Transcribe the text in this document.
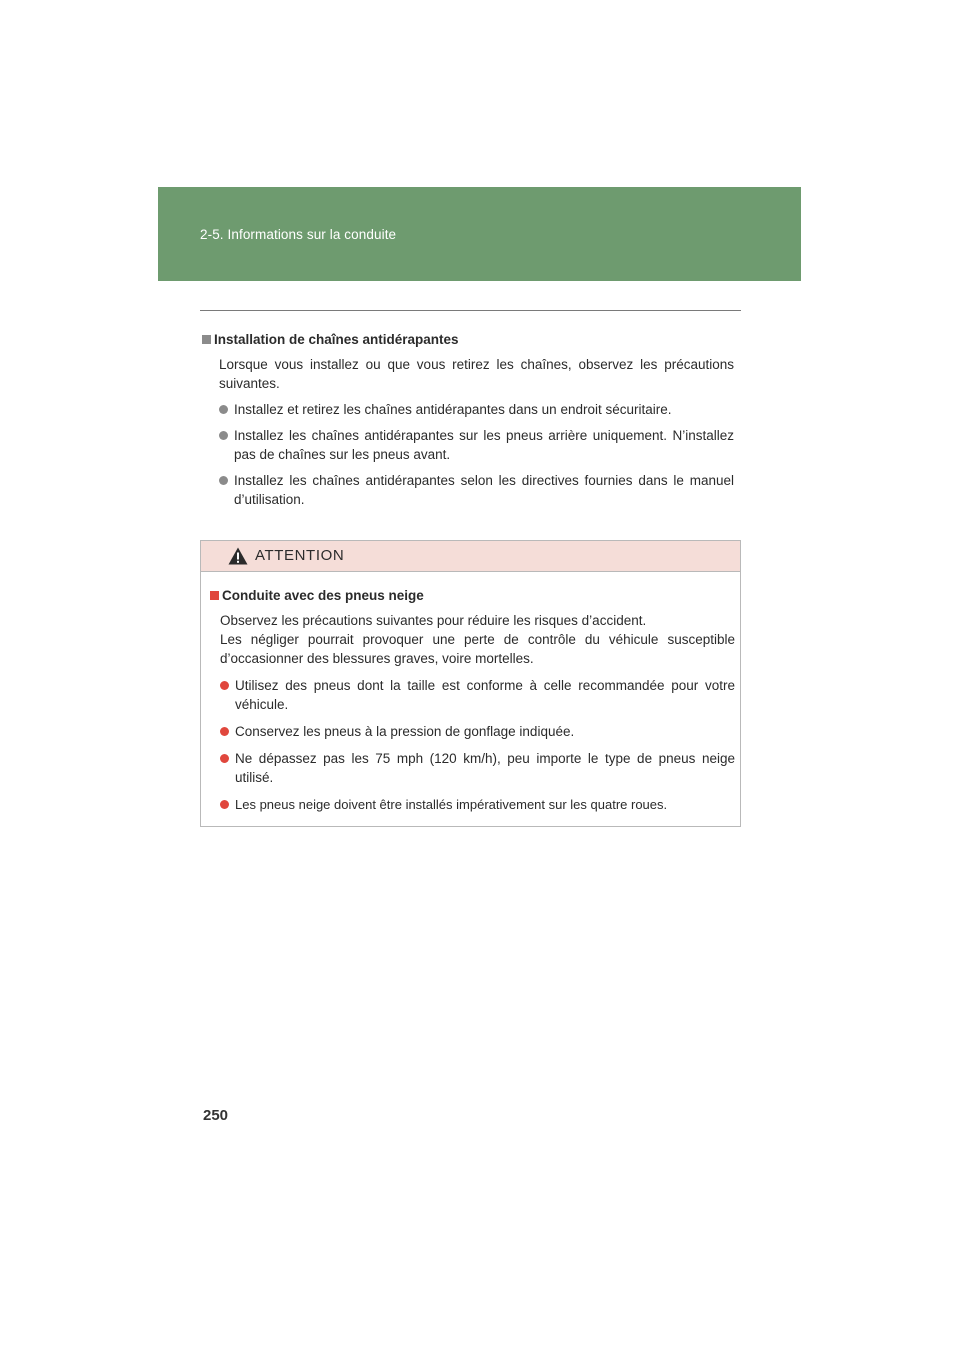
2-5. Informations sur la conduite
Installation de chaînes antidérapantes
Lorsque vous installez ou que vous retirez les chaînes, observez les précautions suivantes.
Installez et retirez les chaînes antidérapantes dans un endroit sécuritaire.
Installez les chaînes antidérapantes sur les pneus arrière uniquement. N’installez pas de chaînes sur les pneus avant.
Installez les chaînes antidérapantes selon les directives fournies dans le manuel d’utilisation.
ATTENTION
Conduite avec des pneus neige

Observez les précautions suivantes pour réduire les risques d’accident.

Les négliger pourrait provoquer une perte de contrôle du véhicule susceptible d’occasionner des blessures graves, voire mortelles.

Utilisez des pneus dont la taille est conforme à celle recommandée pour votre véhicule.
Conservez les pneus à la pression de gonflage indiquée.
Ne dépassez pas les 75 mph (120 km/h), peu importe le type de pneus neige utilisé.
Les pneus neige doivent être installés impérativement sur les quatre roues.
250
